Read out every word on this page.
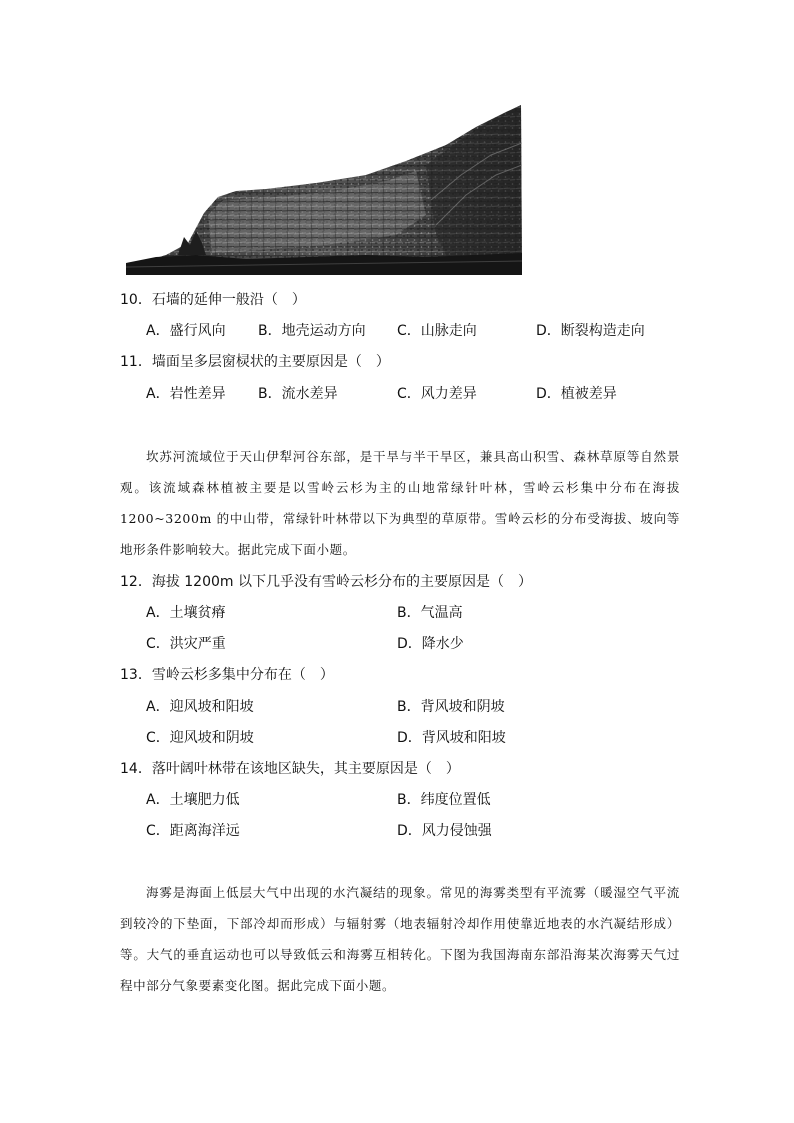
10．石墙的延伸一般沿（　）
A．盛行风向 B．地壳运动方向 C．山脉走向	D．断裂构造走向
11．墙面呈多层窗棂状的主要原因是（　）
A．岩性差异 B．流水差异	C．风力差异	D．植被差异
坎苏河流域位于天山伊犁河谷东部，是干旱与半干旱区，兼具高山积雪、森林草原等自然景观。该流域森林植被主要是以雪岭云杉为主的山地常绿针叶林，雪岭云杉集中分布在海拔 1200~3200m 的中山带，常绿针叶林带以下为典型的草原带。雪岭云杉的分布受海拔、坡向等地形条件影响较大。据此完成下面小题。
12．海拔 1200m 以下几乎没有雪岭云杉分布的主要原因是（　）
A．土壤贫瘠	B．气温高
C．洪灾严重	D．降水少
13．雪岭云杉多集中分布在（　）
A．迎风坡和阳坡	B．背风坡和阴坡
C．迎风坡和阴坡	D．背风坡和阳坡
14．落叶阔叶林带在该地区缺失，其主要原因是（　）
A．土壤肥力低	B．纬度位置低
C．距离海洋远	D．风力侵蚀强
海雾是海面上低层大气中出现的水汽凝结的现象。常见的海雾类型有平流雾（暖湿空气平流到较冷的下垫面，下部冷却而形成）与辐射雾（地表辐射冷却作用使靠近地表的水汽凝结形成）等。大气的垂直运动也可以导致低云和海雾互相转化。下图为我国海南东部沿海某次海雾天气过程中部分气象要素变化图。据此完成下面小题。
